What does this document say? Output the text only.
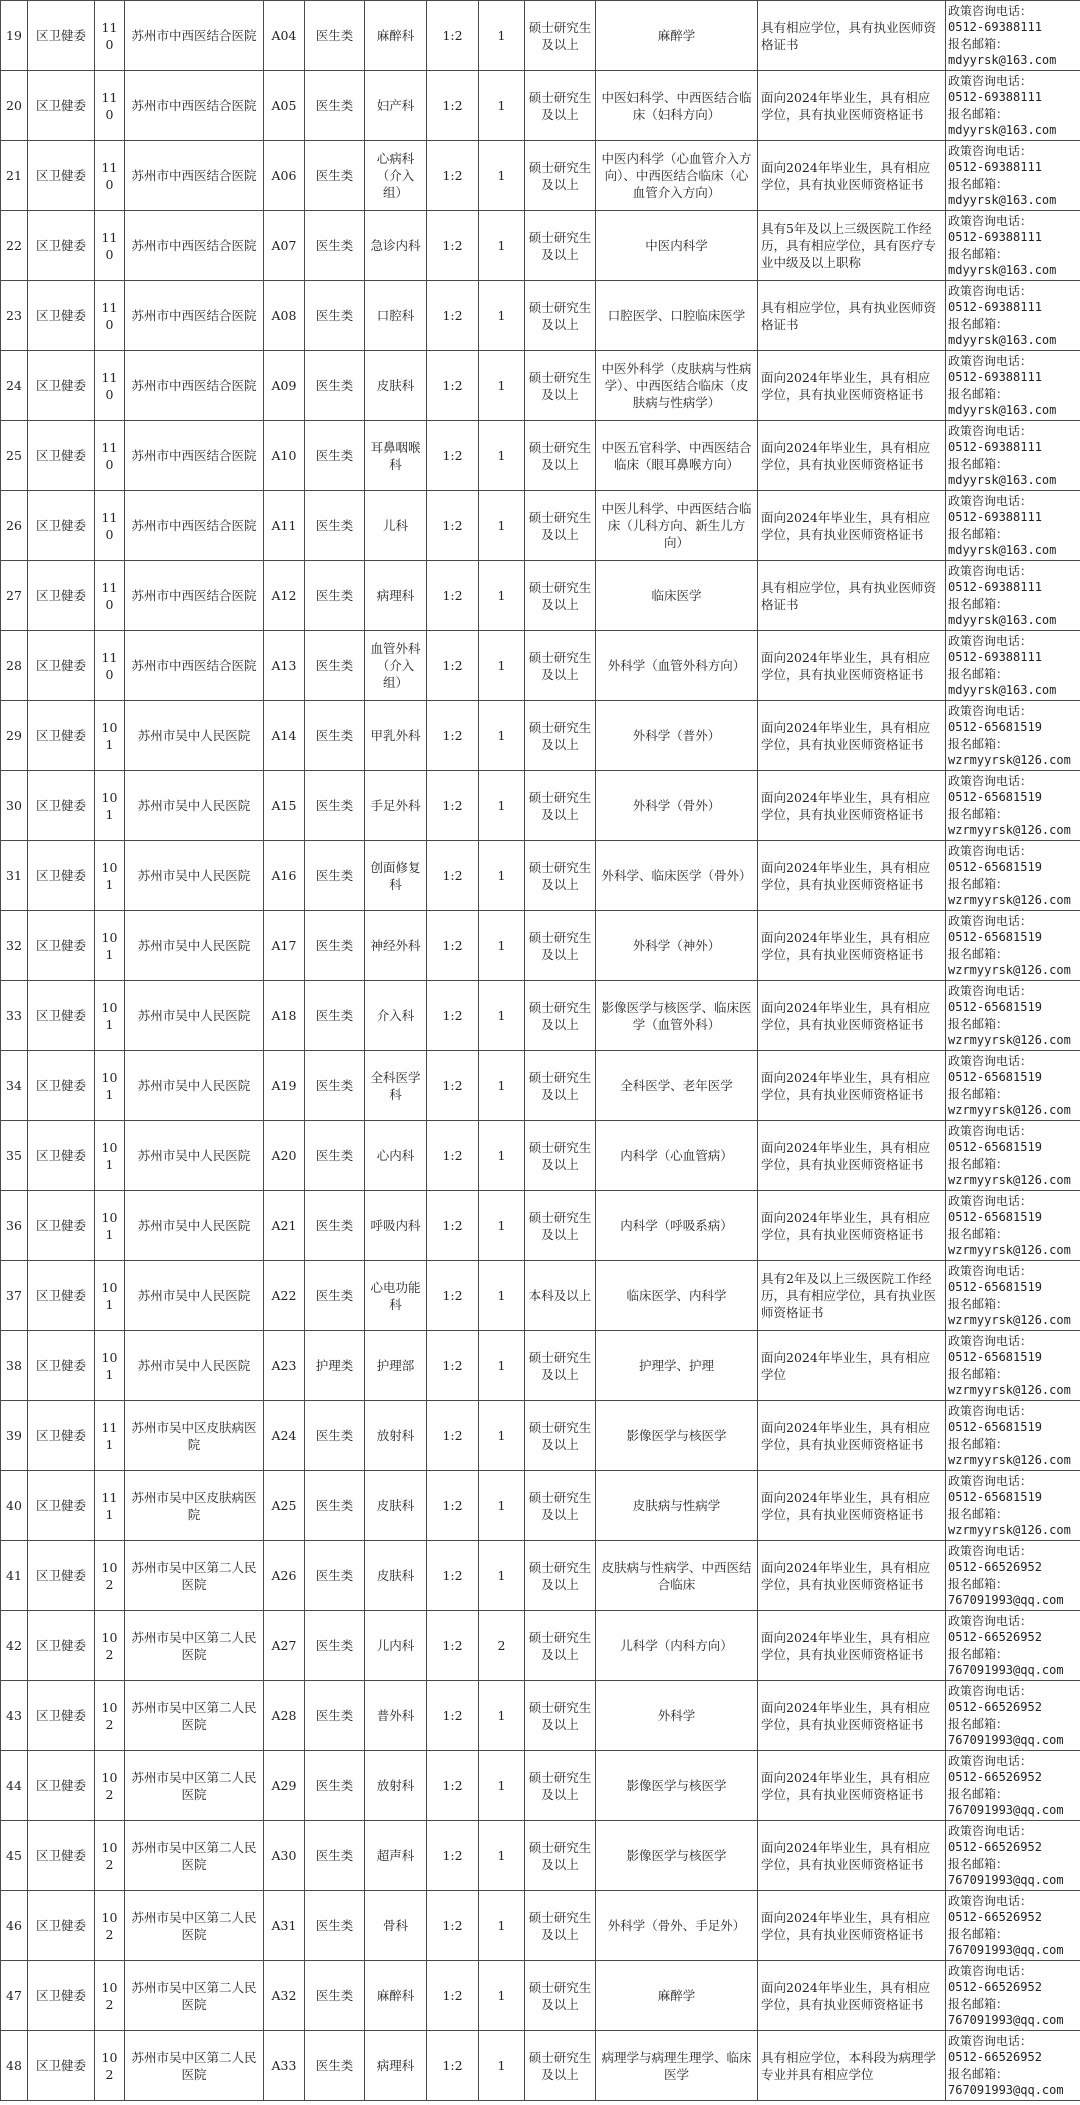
19	区卫健委	110	苏州市中西医结合医院	A04	医生类	麻醉科	1:2	1	硕士研究生及以上	麻醉学	具有相应学位，具有执业医师资格证书	政策咨询电话：
0512-69388111
报名邮箱：
mdyyrsk@163.com
20	区卫健委	110	苏州市中西医结合医院	A05	医生类	妇产科	1:2	1	硕士研究生及以上	中医妇科学、中西医结合临床（妇科方向）	面向2024年毕业生，具有相应学位，具有执业医师资格证书	政策咨询电话：
0512-69388111
报名邮箱：
mdyyrsk@163.com
21	区卫健委	110	苏州市中西医结合医院	A06	医生类	心病科（介入组）	1:2	1	硕士研究生及以上	中医内科学（心血管介入方向）、中西医结合临床（心血管介入方向）	面向2024年毕业生，具有相应学位，具有执业医师资格证书	政策咨询电话：
0512-69388111
报名邮箱：
mdyyrsk@163.com
22	区卫健委	110	苏州市中西医结合医院	A07	医生类	急诊内科	1:2	1	硕士研究生及以上	中医内科学	具有5年及以上三级医院工作经历，具有相应学位，具有医疗专业中级及以上职称	政策咨询电话：
0512-69388111
报名邮箱：
mdyyrsk@163.com
23	区卫健委	110	苏州市中西医结合医院	A08	医生类	口腔科	1:2	1	硕士研究生及以上	口腔医学、口腔临床医学	具有相应学位，具有执业医师资格证书	政策咨询电话：
0512-69388111
报名邮箱：
mdyyrsk@163.com
24	区卫健委	110	苏州市中西医结合医院	A09	医生类	皮肤科	1:2	1	硕士研究生及以上	中医外科学（皮肤病与性病学）、中西医结合临床（皮肤病与性病学）	面向2024年毕业生，具有相应学位，具有执业医师资格证书	政策咨询电话：
0512-69388111
报名邮箱：
mdyyrsk@163.com
25	区卫健委	110	苏州市中西医结合医院	A10	医生类	耳鼻咽喉科	1:2	1	硕士研究生及以上	中医五官科学、中西医结合临床（眼耳鼻喉方向）	面向2024年毕业生，具有相应学位，具有执业医师资格证书	政策咨询电话：
0512-69388111
报名邮箱：
mdyyrsk@163.com
26	区卫健委	110	苏州市中西医结合医院	A11	医生类	儿科	1:2	1	硕士研究生及以上	中医儿科学、中西医结合临床（儿科方向、新生儿方向）	面向2024年毕业生，具有相应学位，具有执业医师资格证书	政策咨询电话：
0512-69388111
报名邮箱：
mdyyrsk@163.com
27	区卫健委	110	苏州市中西医结合医院	A12	医生类	病理科	1:2	1	硕士研究生及以上	临床医学	具有相应学位，具有执业医师资格证书	政策咨询电话：
0512-69388111
报名邮箱：
mdyyrsk@163.com
28	区卫健委	110	苏州市中西医结合医院	A13	医生类	血管外科（介入组）	1:2	1	硕士研究生及以上	外科学（血管外科方向）	面向2024年毕业生，具有相应学位，具有执业医师资格证书	政策咨询电话：
0512-69388111
报名邮箱：
mdyyrsk@163.com
29	区卫健委	101	苏州市吴中人民医院	A14	医生类	甲乳外科	1:2	1	硕士研究生及以上	外科学（普外）	面向2024年毕业生，具有相应学位，具有执业医师资格证书	政策咨询电话：
0512-65681519
报名邮箱：
wzrmyyrsk@126.com
30	区卫健委	101	苏州市吴中人民医院	A15	医生类	手足外科	1:2	1	硕士研究生及以上	外科学（骨外）	面向2024年毕业生，具有相应学位，具有执业医师资格证书	政策咨询电话：
0512-65681519
报名邮箱：
wzrmyyrsk@126.com
31	区卫健委	101	苏州市吴中人民医院	A16	医生类	创面修复科	1:2	1	硕士研究生及以上	外科学、临床医学（骨外）	面向2024年毕业生，具有相应学位，具有执业医师资格证书	政策咨询电话：
0512-65681519
报名邮箱：
wzrmyyrsk@126.com
32	区卫健委	101	苏州市吴中人民医院	A17	医生类	神经外科	1:2	1	硕士研究生及以上	外科学（神外）	面向2024年毕业生，具有相应学位，具有执业医师资格证书	政策咨询电话：
0512-65681519
报名邮箱：
wzrmyyrsk@126.com
33	区卫健委	101	苏州市吴中人民医院	A18	医生类	介入科	1:2	1	硕士研究生及以上	影像医学与核医学、临床医学（血管外科）	面向2024年毕业生，具有相应学位，具有执业医师资格证书	政策咨询电话：
0512-65681519
报名邮箱：
wzrmyyrsk@126.com
34	区卫健委	101	苏州市吴中人民医院	A19	医生类	全科医学科	1:2	1	硕士研究生及以上	全科医学、老年医学	面向2024年毕业生，具有相应学位，具有执业医师资格证书	政策咨询电话：
0512-65681519
报名邮箱：
wzrmyyrsk@126.com
35	区卫健委	101	苏州市吴中人民医院	A20	医生类	心内科	1:2	1	硕士研究生及以上	内科学（心血管病）	面向2024年毕业生，具有相应学位，具有执业医师资格证书	政策咨询电话：
0512-65681519
报名邮箱：
wzrmyyrsk@126.com
36	区卫健委	101	苏州市吴中人民医院	A21	医生类	呼吸内科	1:2	1	硕士研究生及以上	内科学（呼吸系病）	面向2024年毕业生，具有相应学位，具有执业医师资格证书	政策咨询电话：
0512-65681519
报名邮箱：
wzrmyyrsk@126.com
37	区卫健委	101	苏州市吴中人民医院	A22	医生类	心电功能科	1:2	1	本科及以上	临床医学、内科学	具有2年及以上三级医院工作经历，具有相应学位，具有执业医师资格证书	政策咨询电话：
0512-65681519
报名邮箱：
wzrmyyrsk@126.com
38	区卫健委	101	苏州市吴中人民医院	A23	护理类	护理部	1:2	1	硕士研究生及以上	护理学、护理	面向2024年毕业生，具有相应学位	政策咨询电话：
0512-65681519
报名邮箱：
wzrmyyrsk@126.com
39	区卫健委	111	苏州市吴中区皮肤病医院	A24	医生类	放射科	1:2	1	硕士研究生及以上	影像医学与核医学	面向2024年毕业生，具有相应学位，具有执业医师资格证书	政策咨询电话：
0512-65681519
报名邮箱：
wzrmyyrsk@126.com
40	区卫健委	111	苏州市吴中区皮肤病医院	A25	医生类	皮肤科	1:2	1	硕士研究生及以上	皮肤病与性病学	面向2024年毕业生，具有相应学位，具有执业医师资格证书	政策咨询电话：
0512-65681519
报名邮箱：
wzrmyyrsk@126.com
41	区卫健委	102	苏州市吴中区第二人民医院	A26	医生类	皮肤科	1:2	1	硕士研究生及以上	皮肤病与性病学、中西医结合临床	面向2024年毕业生，具有相应学位，具有执业医师资格证书	政策咨询电话：
0512-66526952
报名邮箱：
767091993@qq.com
42	区卫健委	102	苏州市吴中区第二人民医院	A27	医生类	儿内科	1:2	2	硕士研究生及以上	儿科学（内科方向）	面向2024年毕业生，具有相应学位，具有执业医师资格证书	政策咨询电话：
0512-66526952
报名邮箱：
767091993@qq.com
43	区卫健委	102	苏州市吴中区第二人民医院	A28	医生类	普外科	1:2	1	硕士研究生及以上	外科学	面向2024年毕业生，具有相应学位，具有执业医师资格证书	政策咨询电话：
0512-66526952
报名邮箱：
767091993@qq.com
44	区卫健委	102	苏州市吴中区第二人民医院	A29	医生类	放射科	1:2	1	硕士研究生及以上	影像医学与核医学	面向2024年毕业生，具有相应学位，具有执业医师资格证书	政策咨询电话：
0512-66526952
报名邮箱：
767091993@qq.com
45	区卫健委	102	苏州市吴中区第二人民医院	A30	医生类	超声科	1:2	1	硕士研究生及以上	影像医学与核医学	面向2024年毕业生，具有相应学位，具有执业医师资格证书	政策咨询电话：
0512-66526952
报名邮箱：
767091993@qq.com
46	区卫健委	102	苏州市吴中区第二人民医院	A31	医生类	骨科	1:2	1	硕士研究生及以上	外科学（骨外、手足外）	面向2024年毕业生，具有相应学位，具有执业医师资格证书	政策咨询电话：
0512-66526952
报名邮箱：
767091993@qq.com
47	区卫健委	102	苏州市吴中区第二人民医院	A32	医生类	麻醉科	1:2	1	硕士研究生及以上	麻醉学	面向2024年毕业生，具有相应学位，具有执业医师资格证书	政策咨询电话：
0512-66526952
报名邮箱：
767091993@qq.com
48	区卫健委	102	苏州市吴中区第二人民医院	A33	医生类	病理科	1:2	1	硕士研究生及以上	病理学与病理生理学、临床医学	具有相应学位，本科段为病理学专业并具有相应学位	政策咨询电话：
0512-66526952
报名邮箱：
767091993@qq.com
